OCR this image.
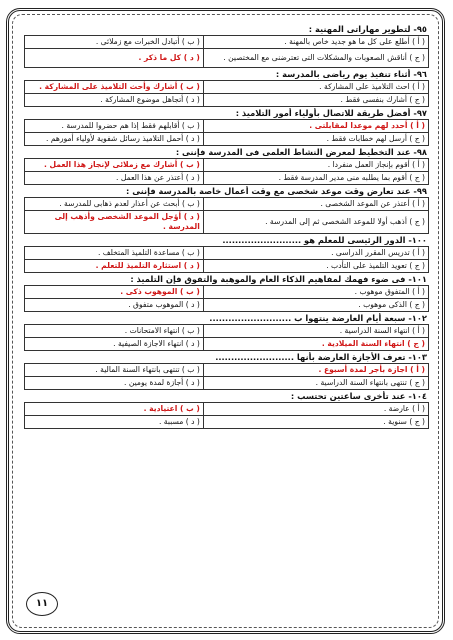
٩٥- لتطوير مهاراتى المهنية :
( أ ) أطلع على كل ما هو جديد خاص بالمهنة .	( ب ) أتبادل الخبرات مع زملائى .
( ج ) أناقش الصعوبات والمشكلات التى تعترضنى مع المختصين .	( د ) كل ما ذكر .
٩٦- أثناء تنفيذ يوم رياضى بالمدرسة :
( أ ) احث التلاميذ على المشاركة .	( ب ) أشارك وأحث التلاميذ على المشاركة .
( ج ) أشارك بنفسى فقط .	( د ) أتجاهل موضوع المشاركة .
٩٧- أفضل طريقة للاتصال بأولياء أمور التلاميذ :
( أ ) أحدد لهم موعدا لمقابلتى .	( ب ) أقابلهم فقط إذا هم حضروا للمدرسة .
( ج ) أرسل لهم خطابات فقط .	( د ) أحمل التلاميذ رسائل شفوية لأولياء أمورهم .
٩٨- عند التخطيط لمعرض النشاط العلمى فى المدرسة فإننى :
( أ ) أقوم بإنجاز العمل منفردا .	( ب ) أشارك مع زملائى لإنجاز هذا العمل .
( ج ) أقوم بما يطلبه منى مدير المدرسة فقط .	( د ) أعتذر عن هذا العمل .
٩٩- عند تعارض وقت موعد شخصى مع وقت أعمال خاصة بالمدرسة فإننى :
( أ ) أعتذر عن الموعد الشخصى .	( ب ) أبحث عن أعذار لعدم ذهابى للمدرسة .
( ج ) أذهب أولا للموعد الشخصى ثم إلى المدرسة .	( د ) أؤجل الموعد الشخصى وأذهب إلى المدرسة .
١٠٠- الدور الرئيسى للمعلم هو .........................
( أ ) تدريس المقرر الدراسى .	( ب ) مساعدة التلميذ المتخلف .
( ج ) تعويد التلميذ على التأدب .	( د ) استثارة التلميذ للتعلم .
١٠١- فى ضوء فهمك لمفاهيم الذكاء العام والموهبة والتفوق فإن التلميذ :
( أ ) المتفوق موهوب .	( ب ) الموهوب ذكى .
( ج ) الذكى موهوب .	( د ) الموهوب متفوق .
١٠٢- سبعة أيام العارضة ينتهوا ب ..........................
( أ ) انتهاء السنة الدراسية .	( ب ) انتهاء الامتحانات .
( ج ) انتهاء السنة الميلادية .	( د ) انتهاء الاجازة الصيفية .
١٠٣- تعرف الأجازة العارضة بأنها .........................
( أ ) اجازة بأجر لمدة أسبوع .	( ب ) تنتهى بانتهاء السنة المالية .
( ج ) تنتهى بانتهاء السنة الدراسية .	( د ) أجازة لمدة يومين .
١٠٤- عند تأخرى ساعتين تحتسب :
( أ ) عارضة .	( ب ) اعتيادية .
( ج ) سنوية .	( د ) مسببة .
١١
